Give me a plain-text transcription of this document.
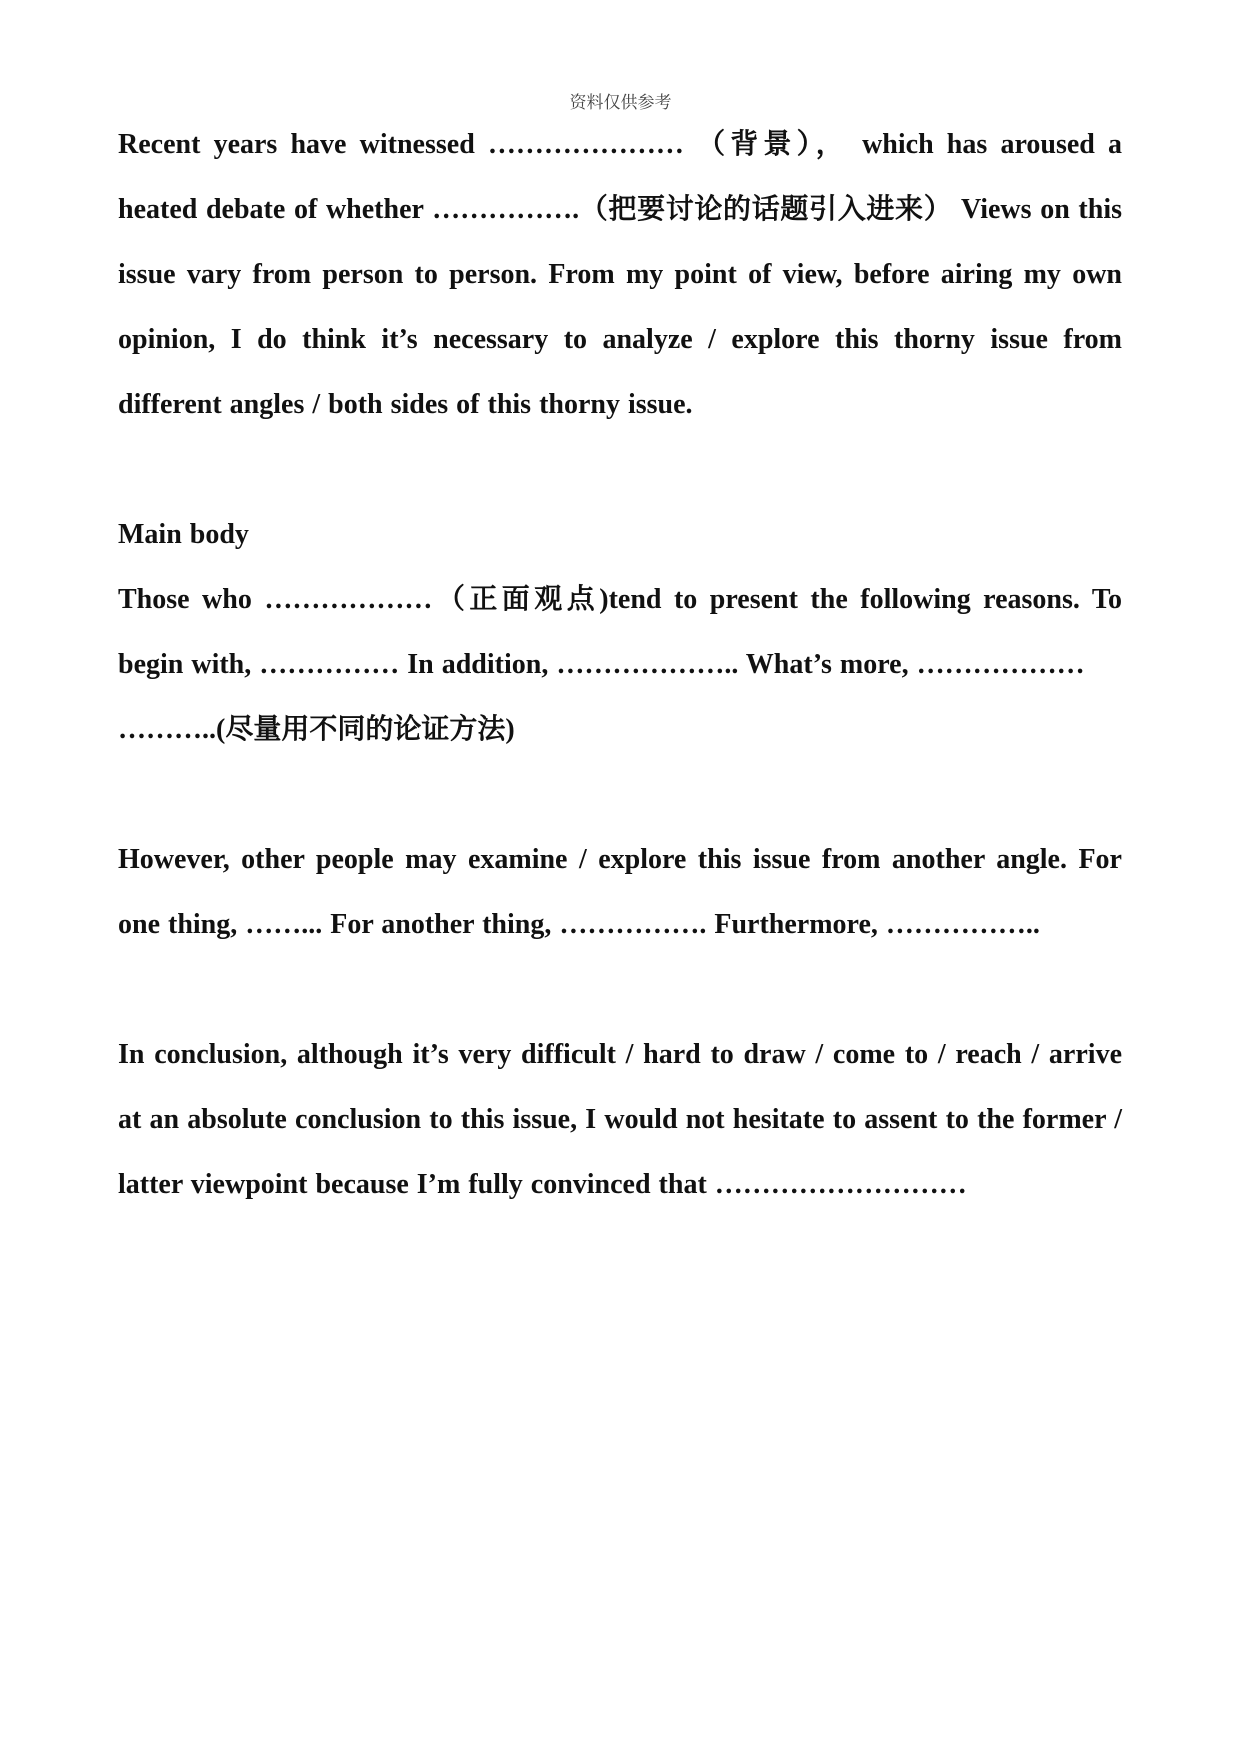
资料仅供参考

Recent years have witnessed ………………… （背景）， which has aroused a heated debate of whether …………….（把要讨论的话题引入进来） Views on this issue vary from person to person. From my point of view, before airing my own opinion, I do think it’s necessary to analyze / explore this thorny issue from different angles / both sides of this thorny issue.

Main body

Those who ………………（正面观点)tend to present the following reasons. To begin with, …………… In addition, ……………….. What’s more, ………………

………..(尽量用不同的论证方法)

However, other people may examine / explore this issue from another angle. For one thing, ……... For another thing, ……………. Furthermore, ……………..

In conclusion, although it’s very difficult / hard to draw / come to / reach / arrive at an absolute conclusion to this issue, I would not hesitate to assent to the former / latter viewpoint because I’m fully convinced that ………………………
